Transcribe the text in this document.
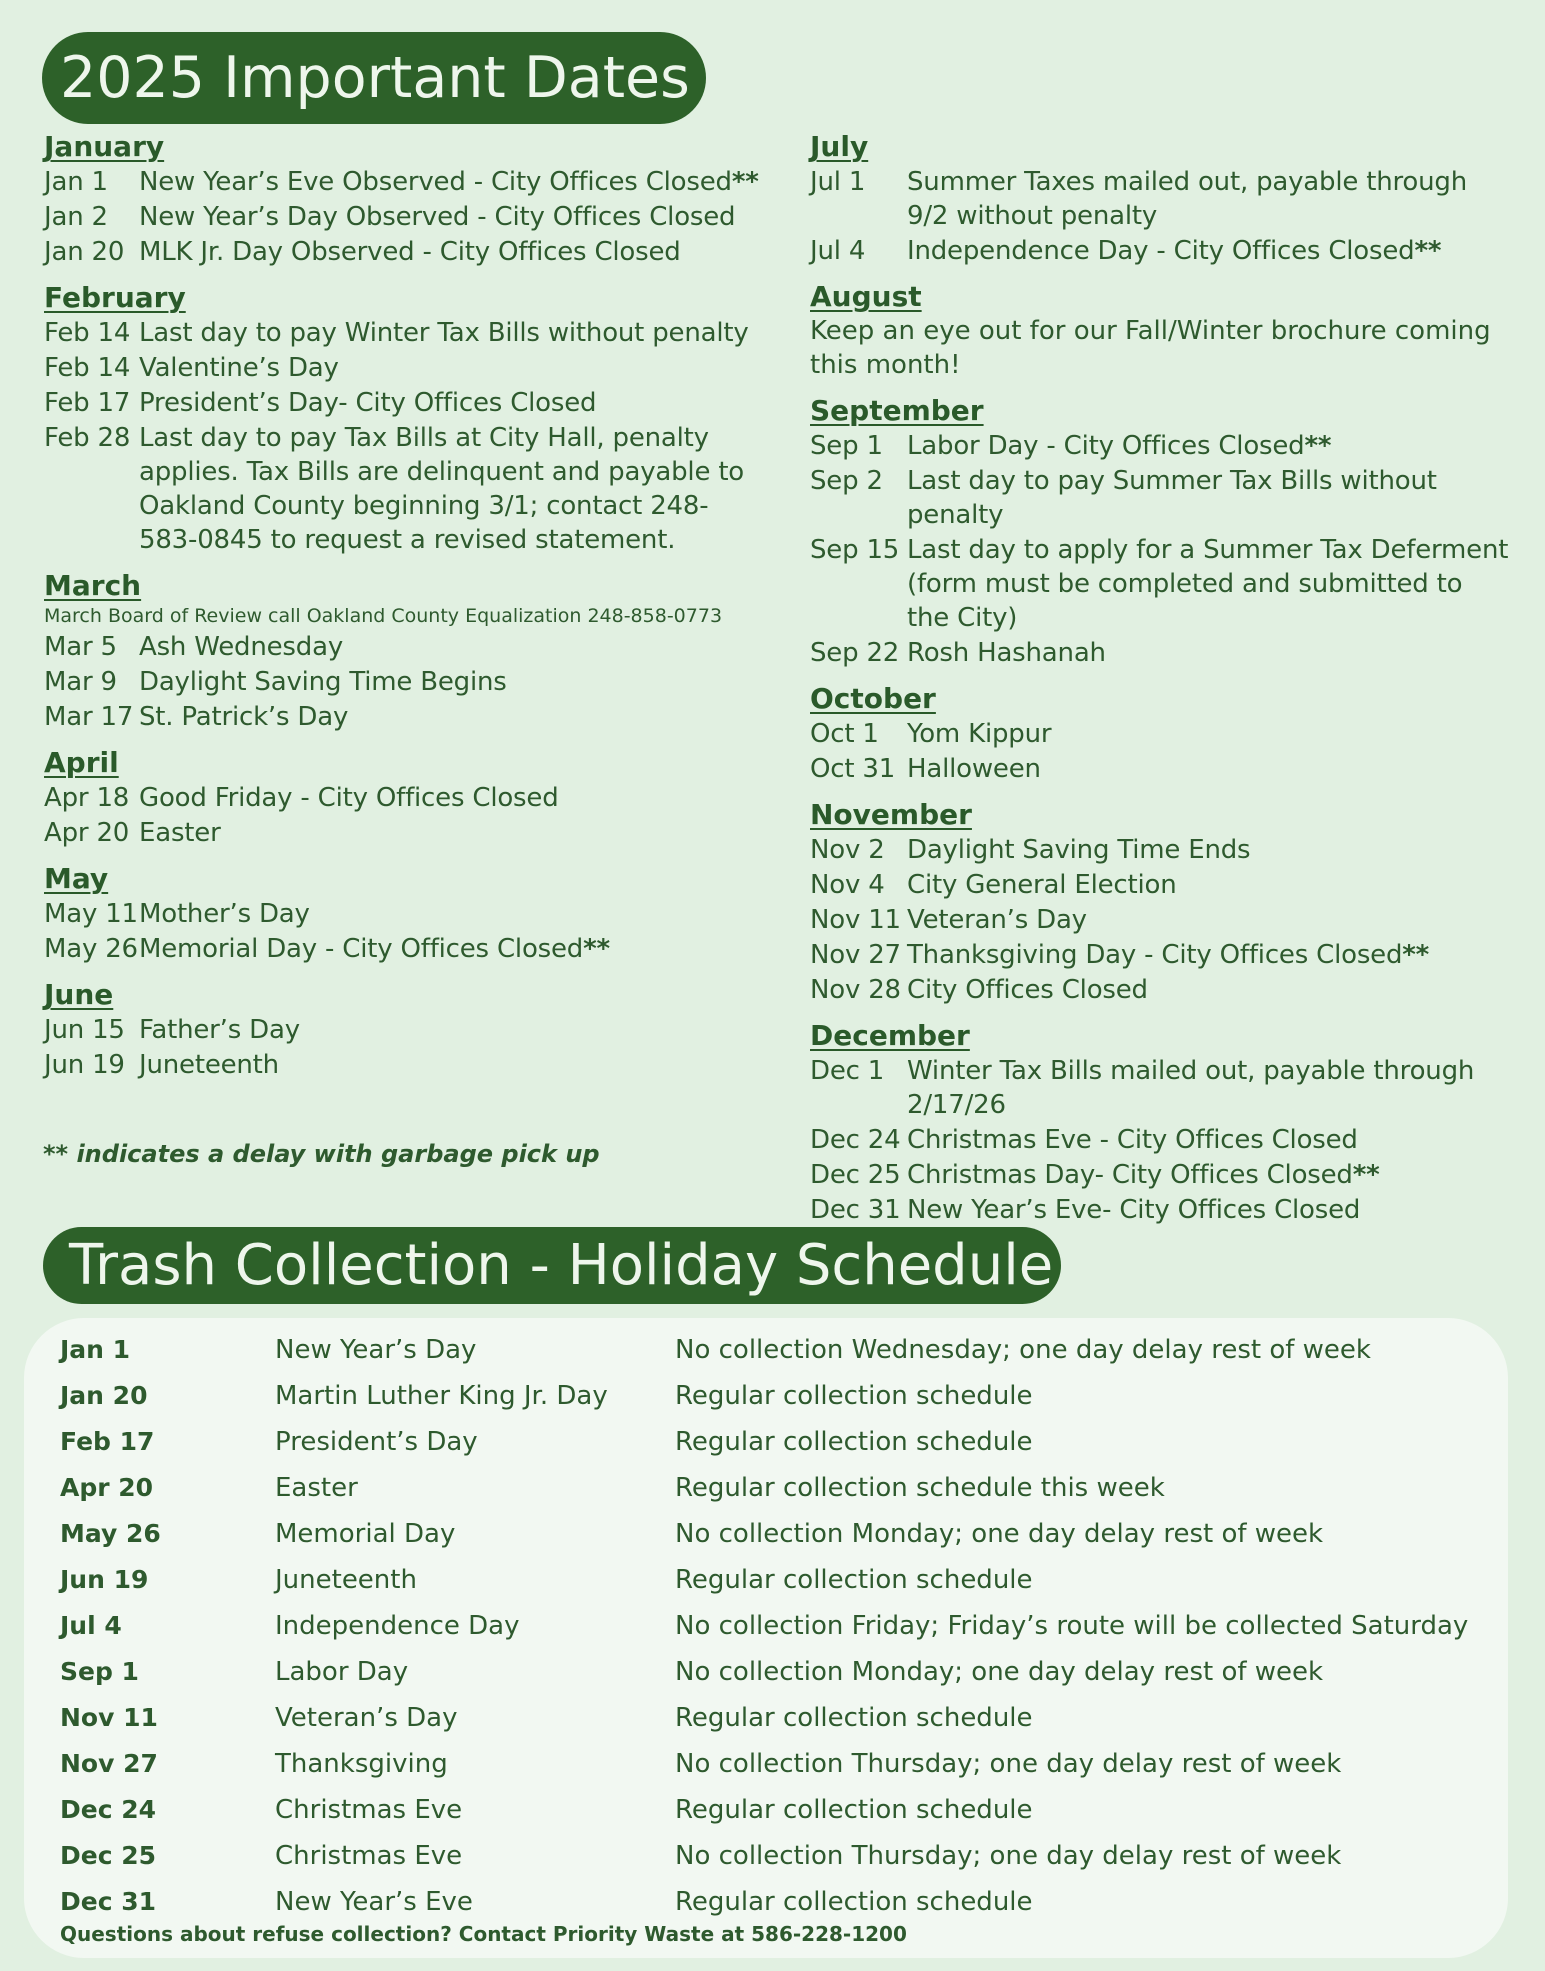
2025 Important Dates
January
Jan 1	New Year’s Eve Observed - City Offices Closed**
Jan 2	New Year’s Day Observed - City Offices Closed
Jan 20 MLK Jr. Day Observed - City Offices Closed
February
Feb 14 Last day to pay Winter Tax Bills without penalty
Feb 14 Valentine’s Day
Feb 17 President’s Day- City Offices Closed
Feb 28 Last day to pay Tax Bills at City Hall, penalty applies. Tax Bills are delinquent and payable to Oakland County beginning 3/1; contact 248-583-0845 to request a revised statement.
March
March Board of Review call Oakland County Equalization 248-858-0773
Mar 5 Ash Wednesday
Mar 9 Daylight Saving Time Begins
Mar 17 St. Patrick’s Day
April
Apr 18 Good Friday - City Offices Closed
Apr 20 Easter
May
May 11 Mother’s Day
May 26 Memorial Day - City Offices Closed**
June
Jun 15 Father’s Day
Jun 19 Juneteenth
July
Jul 1	Summer Taxes mailed out, payable through 9/2 without penalty
Jul 4	Independence Day - City Offices Closed**
August
Keep an eye out for our Fall/Winter brochure coming this month!
September
Sep 1 Labor Day - City Offices Closed**
Sep 2 Last day to pay Summer Tax Bills without penalty
Sep 15 Last day to apply for a Summer Tax Deferment (form must be completed and submitted to the City)
Sep 22 Rosh Hashanah
October
Oct 1	Yom Kippur
Oct 31 Halloween
November
Nov 2 Daylight Saving Time Ends
Nov 4 City General Election
Nov 11 Veteran’s Day
Nov 27 Thanksgiving Day - City Offices Closed**
Nov 28 City Offices Closed
December
Dec 1 Winter Tax Bills mailed out, payable through 2/17/26
Dec 24 Christmas Eve - City Offices Closed
Dec 25 Christmas Day- City Offices Closed**
Dec 31 New Year’s Eve- City Offices Closed
** indicates a delay with garbage pick up
Trash Collection - Holiday Schedule
Jan 1	New Year’s Day	No collection Wednesday; one day delay rest of week
Jan 20	Martin Luther King Jr. Day	Regular collection schedule
Feb 17	President’s Day	Regular collection schedule
Apr 20	Easter	Regular collection schedule this week
May 26	Memorial Day	No collection Monday; one day delay rest of week
Jun 19	Juneteenth	Regular collection schedule
Jul 4	Independence Day	No collection Friday; Friday’s route will be collected Saturday
Sep 1	Labor Day	No collection Monday; one day delay rest of week
Nov 11	Veteran’s Day	Regular collection schedule
Nov 27	Thanksgiving	No collection Thursday; one day delay rest of week
Dec 24	Christmas Eve	Regular collection schedule
Dec 25	Christmas Eve	No collection Thursday; one day delay rest of week
Dec 31	New Year’s Eve	Regular collection schedule
Questions about refuse collection? Contact Priority Waste at 586-228-1200
